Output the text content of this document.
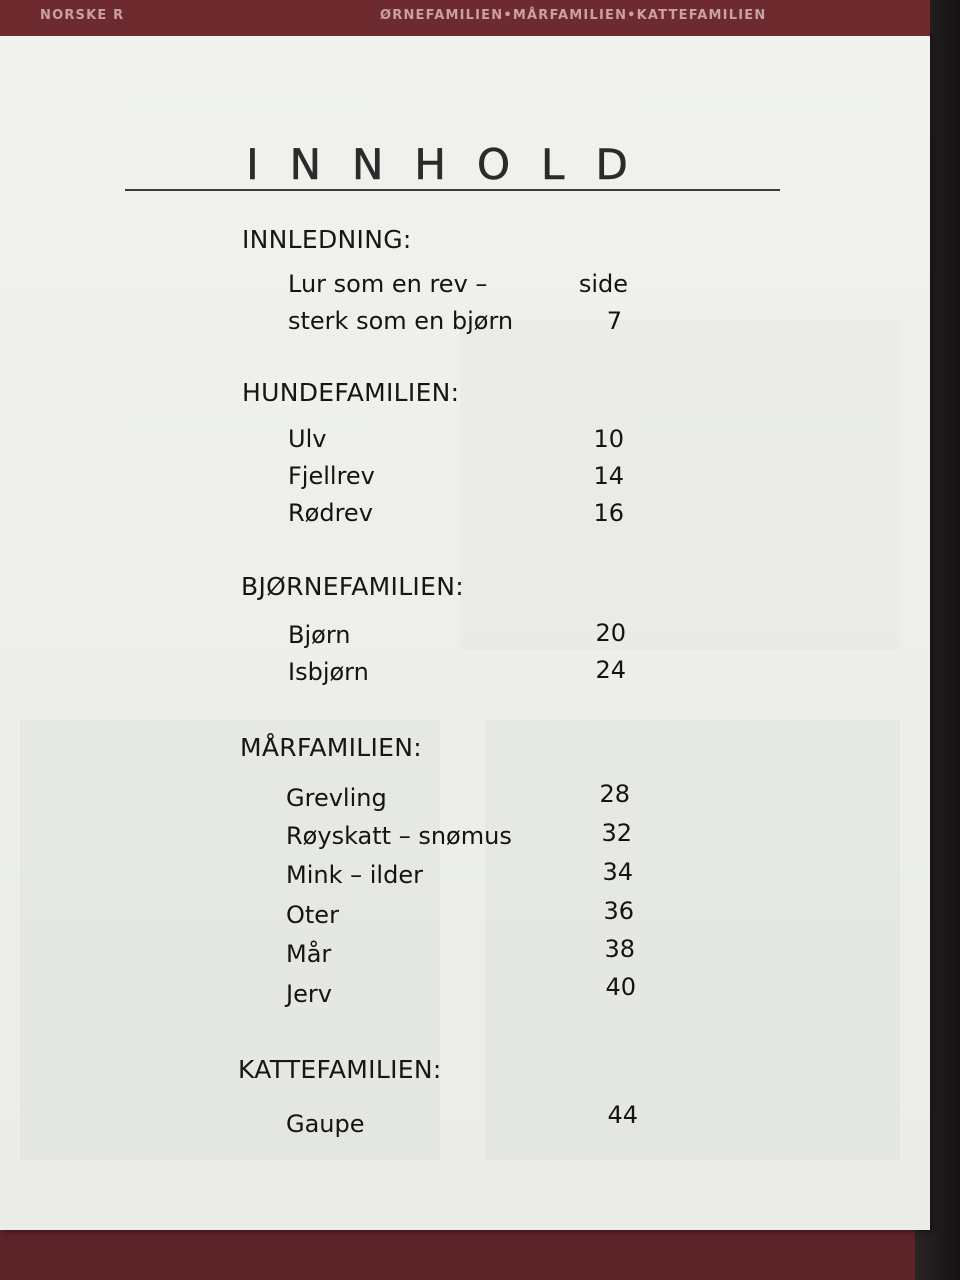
INNHOLD
INNLEDNING:
Lur som en rev –	side
sterk som en bjørn	7
HUNDEFAMILIEN:
Ulv	10
Fjellrev	14
Rødrev	16
BJØRNEFAMILIEN:
Bjørn	20
Isbjørn	24
MÅRFAMILIEN:
Grevling	28
Røyskatt – snømus	32
Mink – ilder	34
Oter	36
Mår	38
Jerv	40
KATTEFAMILIEN:
Gaupe	44
NORSKE R	ØRNEFAMILIEN•MÅRFAMILIEN•KATTEFAMILIEN
